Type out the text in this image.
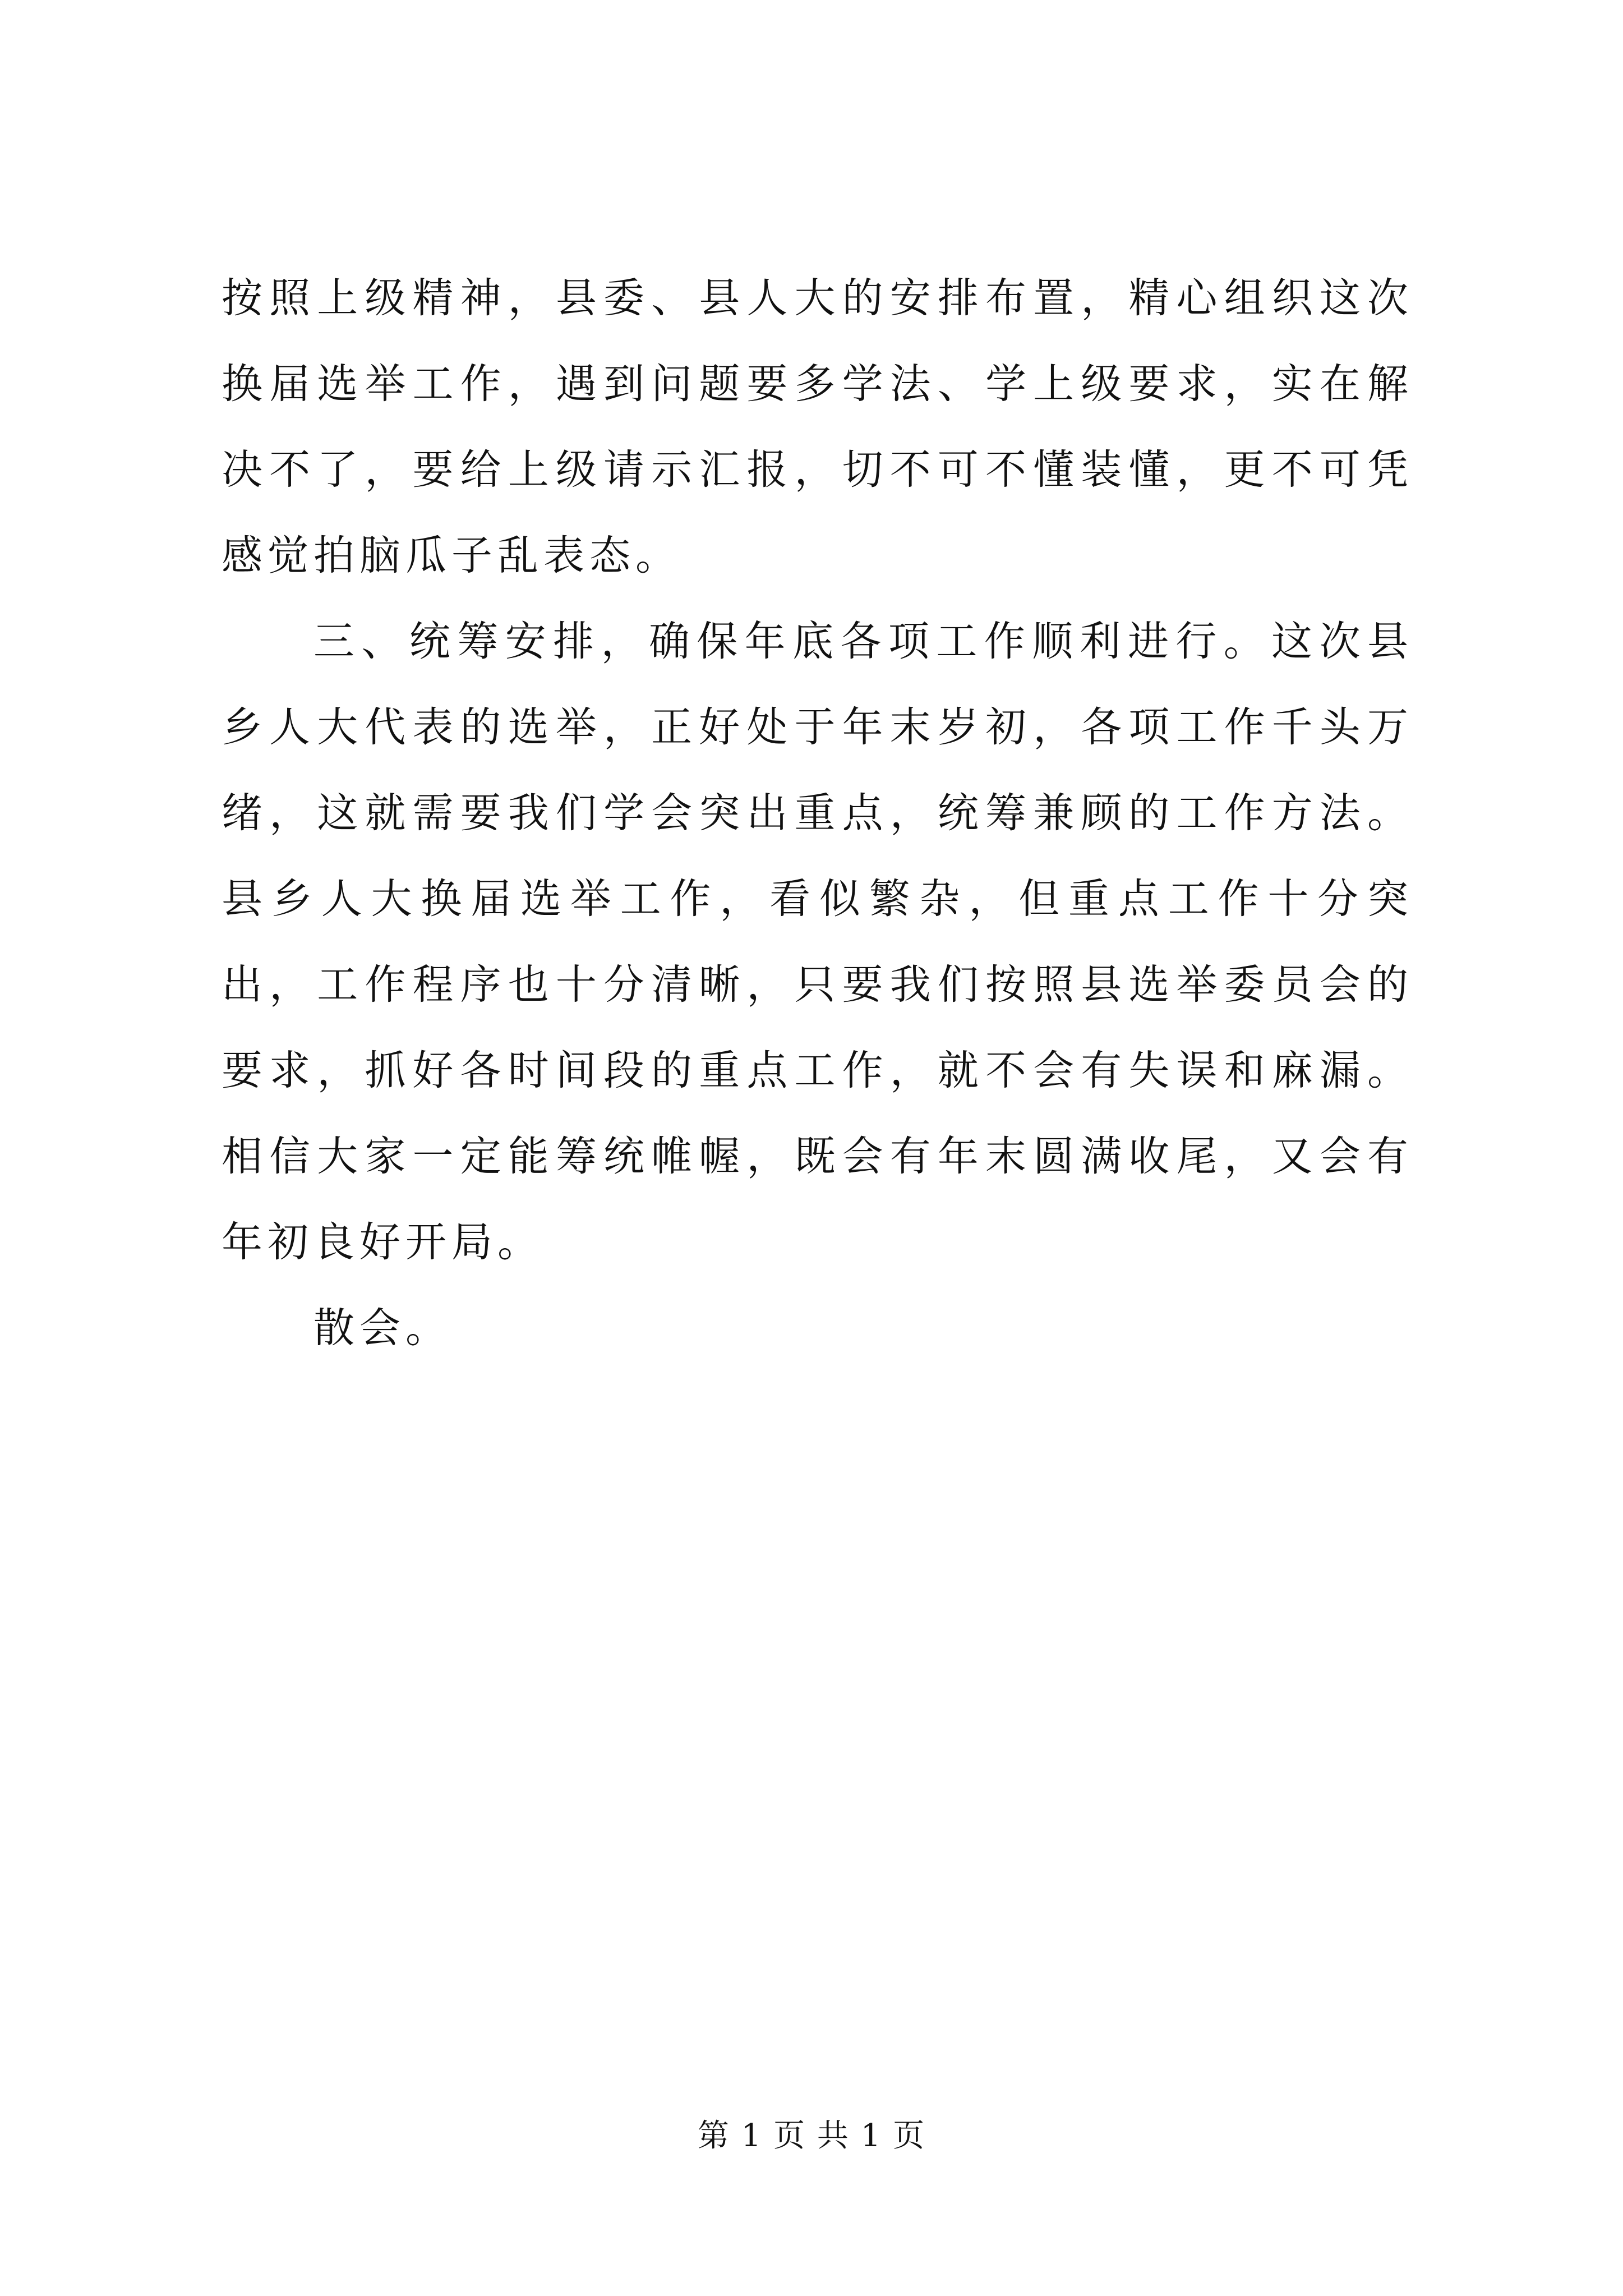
按照上级精神，县委、县人大的安排布置，精心组织这次换届选举工作，遇到问题要多学法、学上级要求，实在解决不了，要给上级请示汇报，切不可不懂装懂，更不可凭感觉拍脑瓜子乱表态。

三、统筹安排，确保年底各项工作顺利进行。这次县乡人大代表的选举，正好处于年末岁初，各项工作千头万绪，这就需要我们学会突出重点，统筹兼顾的工作方法。县乡人大换届选举工作，看似繁杂，但重点工作十分突出，工作程序也十分清晰，只要我们按照县选举委员会的要求，抓好各时间段的重点工作，就不会有失误和麻漏。相信大家一定能筹统帷幄，既会有年末圆满收尾，又会有年初良好开局。

散会。

第 1 页 共 1 页
